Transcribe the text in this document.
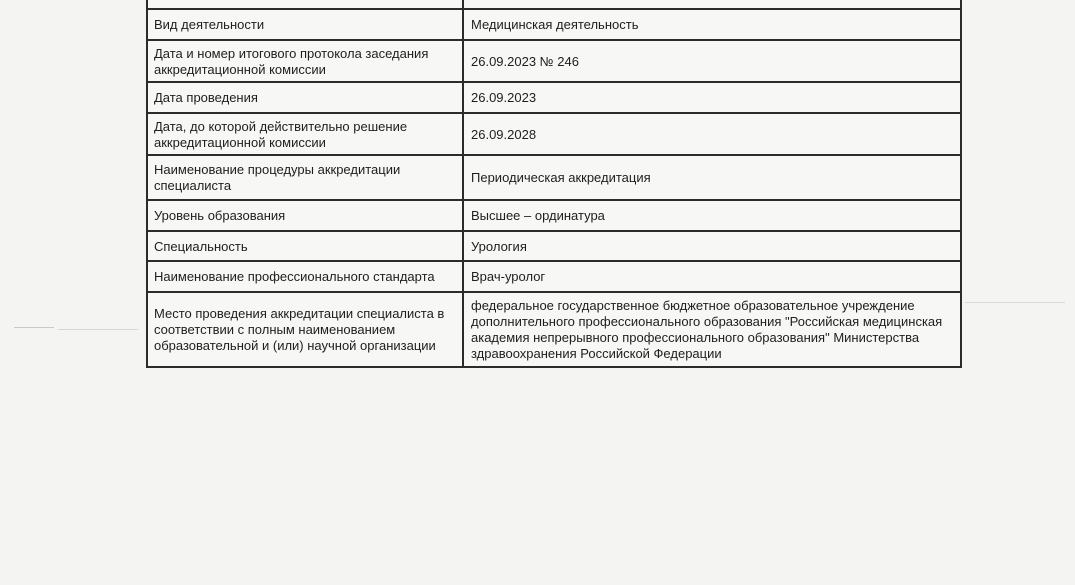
Вид деятельности	Медицинская деятельность
Дата и номер итогового протокола заседания аккредитационной комиссии	26.09.2023 № 246
Дата проведения	26.09.2023
Дата, до которой действительно решение аккредитационной комиссии	26.09.2028
Наименование процедуры аккредитации специалиста	Периодическая аккредитация
Уровень образования	Высшее – ординатура
Специальность	Урология
Наименование профессионального стандарта	Врач-уролог
Место проведения аккредитации специалиста в соответствии с полным наименованием образовательной и (или) научной организации	федеральное государственное бюджетное образовательное учреждение дополнительного профессионального образования "Российская медицинская академия непрерывного профессионального образования" Министерства здравоохранения Российской Федерации
